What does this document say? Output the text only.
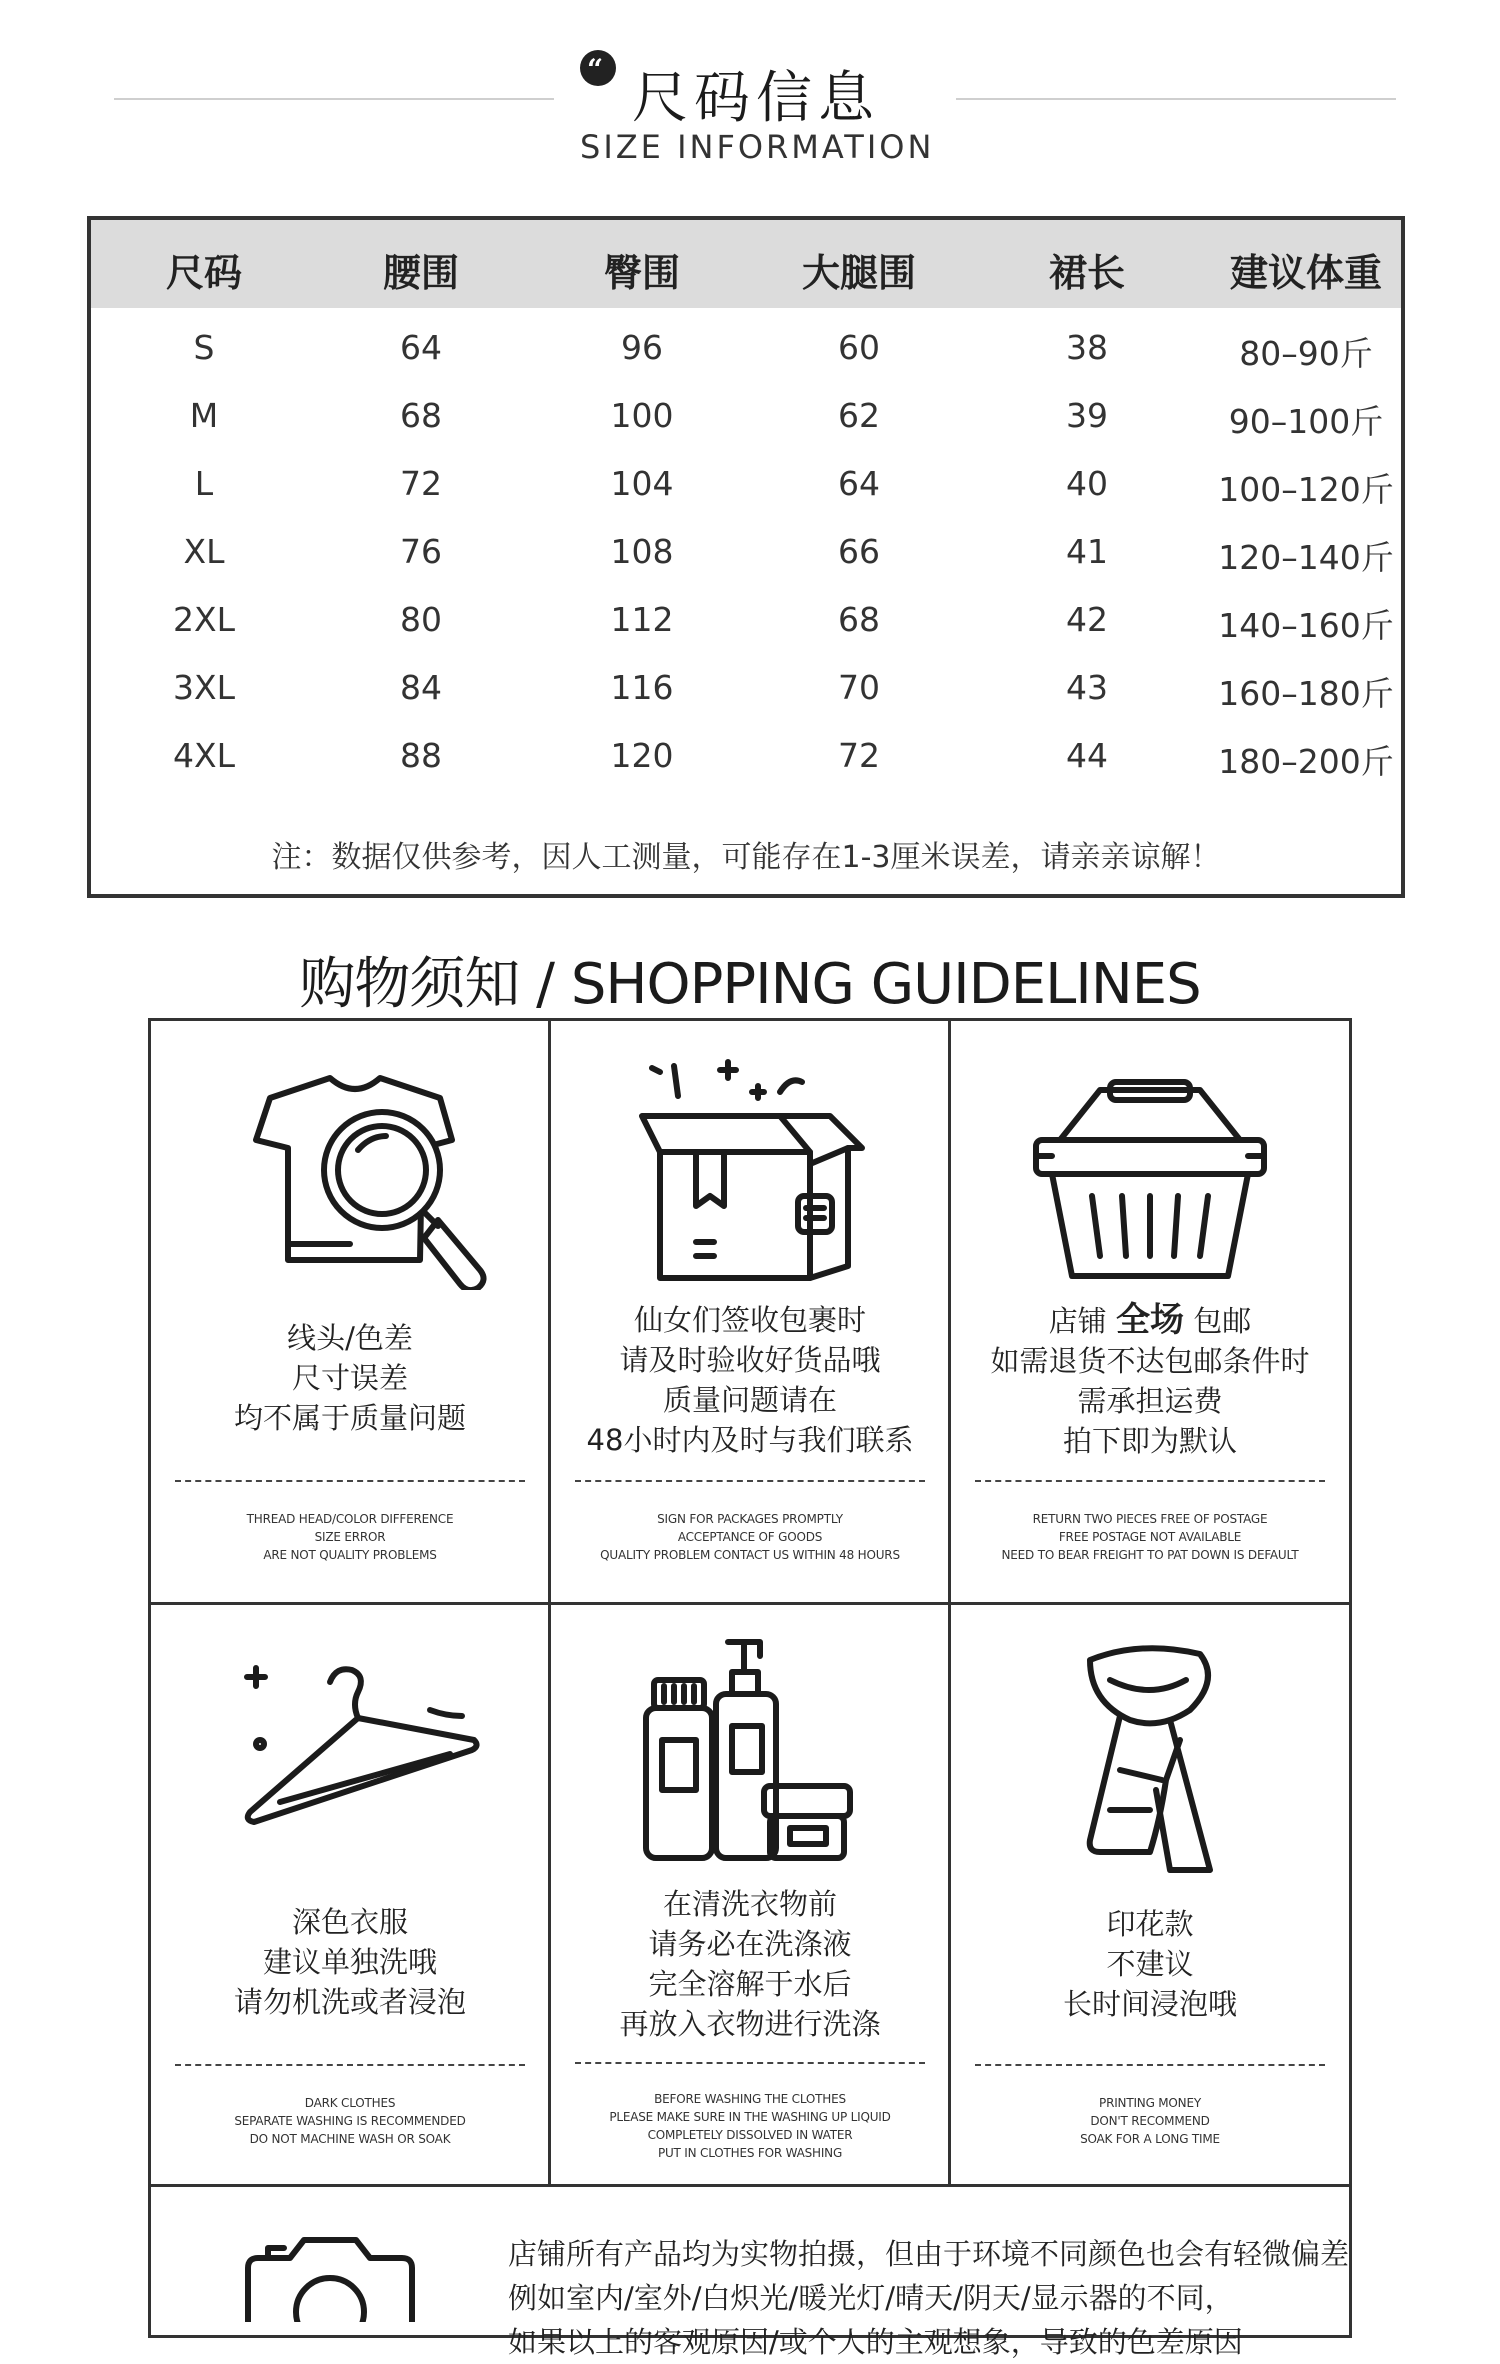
“ 尺码信息
SIZE INFORMATION
尺码	腰围	臀围	大腿围	裙长	建议体重
S	64	96	60	38	80–90斤
M	68	100	62	39	90–100斤
L	72	104	64	40	100–120斤
XL	76	108	66	41	120–140斤
2XL	80	112	68	42	140–160斤
3XL	84	116	70	43	160–180斤
4XL	88	120	72	44	180–200斤
注：数据仅供参考，因人工测量，可能存在1-3厘米误差，请亲亲谅解！
购物须知 / SHOPPING GUIDELINES
线头/色差
尺寸误差
均不属于质量问题
THREAD HEAD/COLOR DIFFERENCE
SIZE ERROR
ARE NOT QUALITY PROBLEMS
仙女们签收包裹时
请及时验收好货品哦
质量问题请在
48小时内及时与我们联系
SIGN FOR PACKAGES PROMPTLY
ACCEPTANCE OF GOODS
QUALITY PROBLEM CONTACT US WITHIN 48 HOURS
店铺 全场 包邮
如需退货不达包邮条件时
需承担运费
拍下即为默认
RETURN TWO PIECES FREE OF POSTAGE
FREE POSTAGE NOT AVAILABLE
NEED TO BEAR FREIGHT TO PAT DOWN IS DEFAULT
深色衣服
建议单独洗哦
请勿机洗或者浸泡
DARK CLOTHES
SEPARATE WASHING IS RECOMMENDED
DO NOT MACHINE WASH OR SOAK
在清洗衣物前
请务必在洗涤液
完全溶解于水后
再放入衣物进行洗涤
BEFORE WASHING THE CLOTHES
PLEASE MAKE SURE IN THE WASHING UP LIQUID
COMPLETELY DISSOLVED IN WATER
PUT IN CLOTHES FOR WASHING
印花款
不建议
长时间浸泡哦
PRINTING MONEY
DON'T RECOMMEND
SOAK FOR A LONG TIME
店铺所有产品均为实物拍摄，但由于环境不同颜色也会有轻微偏差
例如室内/室外/白炽光/暖光灯/晴天/阴天/显示器的不同，
如果以上的客观原因/或个人的主观想象，导致的色差原因
